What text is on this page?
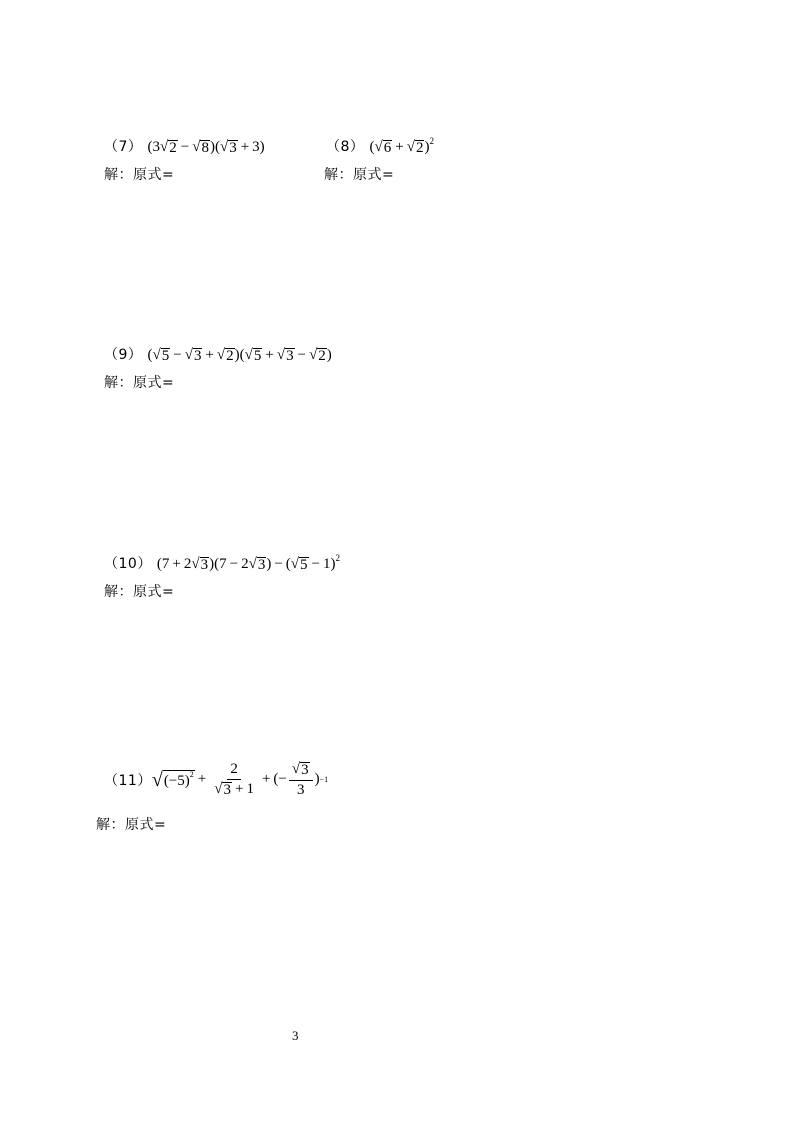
（7） (3 √ 2 − √ 8 )( √ 3 + 3)
解：原式=
（8） ( √ 6 + √ 2 )$^2$
解：原式=
（9） ( √ 5 − √ 3 + √ 2 )( √ 5 + √ 3 − √ 2 )
解：原式=
（10） (7 + 2 √ 3 )(7 − 2 √ 3 ) − ( √ 5 − 1)$^2$
解：原式=
（11） √ $(-5)^2 + \frac{2}{√ 3 + 1}$ + (− $\frac{√ 3}{3}$ ) −1
解：原式=
3
